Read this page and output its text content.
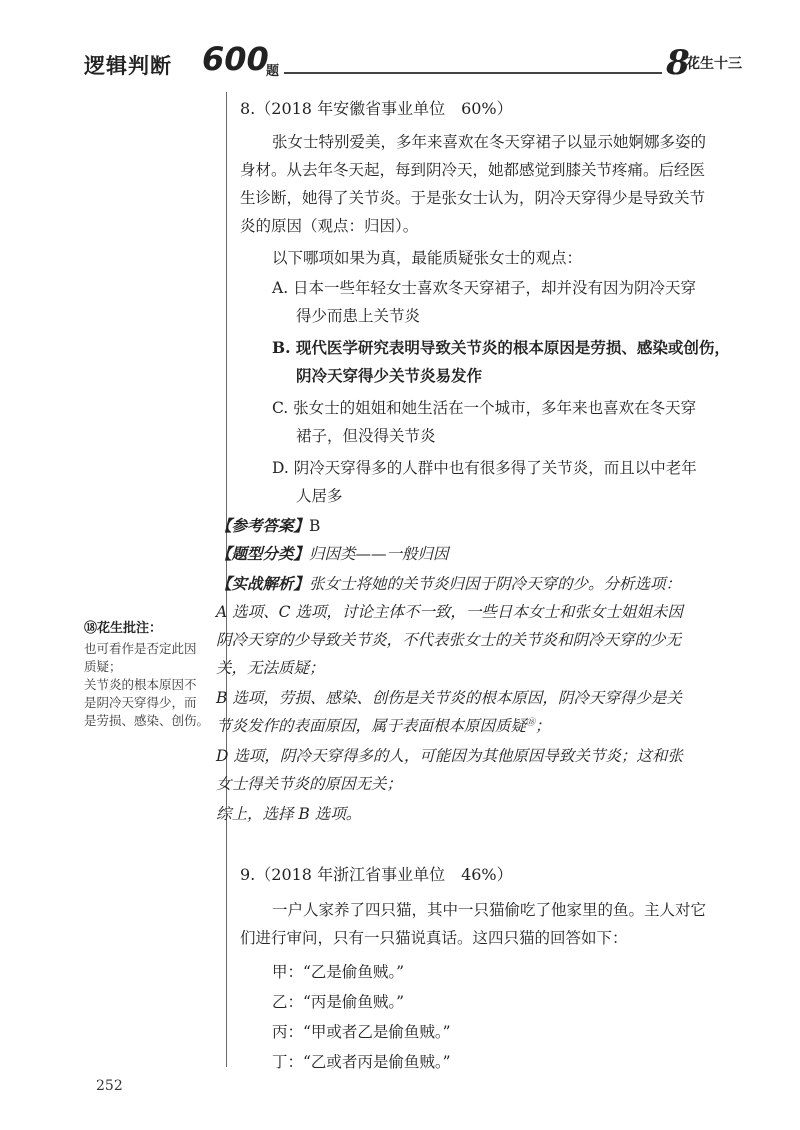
逻辑判断 600
题	8
花生十三
⑱花生批注：

也可看作是否定此因

质疑；

关节炎的根本原因不

是阴冷天穿得少，而

是劳损、感染、创伤。

8.（2018 年安徽省事业单位　60%）
张女士特别爱美，多年来喜欢在冬天穿裙子以显示她婀娜多姿的
身材。从去年冬天起，每到阴冷天，她都感觉到膝关节疼痛。后经医
生诊断，她得了关节炎。于是张女士认为，阴冷天穿得少是导致关节
炎的原因（观点：归因）。
以下哪项如果为真，最能质疑张女士的观点：
A. 日本一些年轻女士喜欢冬天穿裙子，却并没有因为阴冷天穿
得少而患上关节炎
B. 现代医学研究表明导致关节炎的根本原因是劳损、感染或创伤，
阴冷天穿得少关节炎易发作
C. 张女士的姐姐和她生活在一个城市，多年来也喜欢在冬天穿
裙子，但没得关节炎
D. 阴冷天穿得多的人群中也有很多得了关节炎，而且以中老年
人居多
【参考答案】B
【题型分类】归因类——一般归因
【实战解析】张女士将她的关节炎归因于阴冷天穿的少。分析选项：
A 选项、C 选项，讨论主体不一致，一些日本女士和张女士姐姐未因
阴冷天穿的少导致关节炎，不代表张女士的关节炎和阴冷天穿的少无
关，无法质疑；
B 选项，劳损、感染、创伤是关节炎的根本原因，阴冷天穿得少是关
节炎发作的表面原因，属于表面根本原因质疑⑱；
D 选项，阴冷天穿得多的人，可能因为其他原因导致关节炎；这和张
女士得关节炎的原因无关；
综上，选择 B 选项。
9.（2018 年浙江省事业单位　46%）
一户人家养了四只猫，其中一只猫偷吃了他家里的鱼。主人对它
们进行审问，只有一只猫说真话。这四只猫的回答如下：
甲：“乙是偷鱼贼。”
乙：“丙是偷鱼贼。”
丙：“甲或者乙是偷鱼贼。”
丁：“乙或者丙是偷鱼贼。”
252
